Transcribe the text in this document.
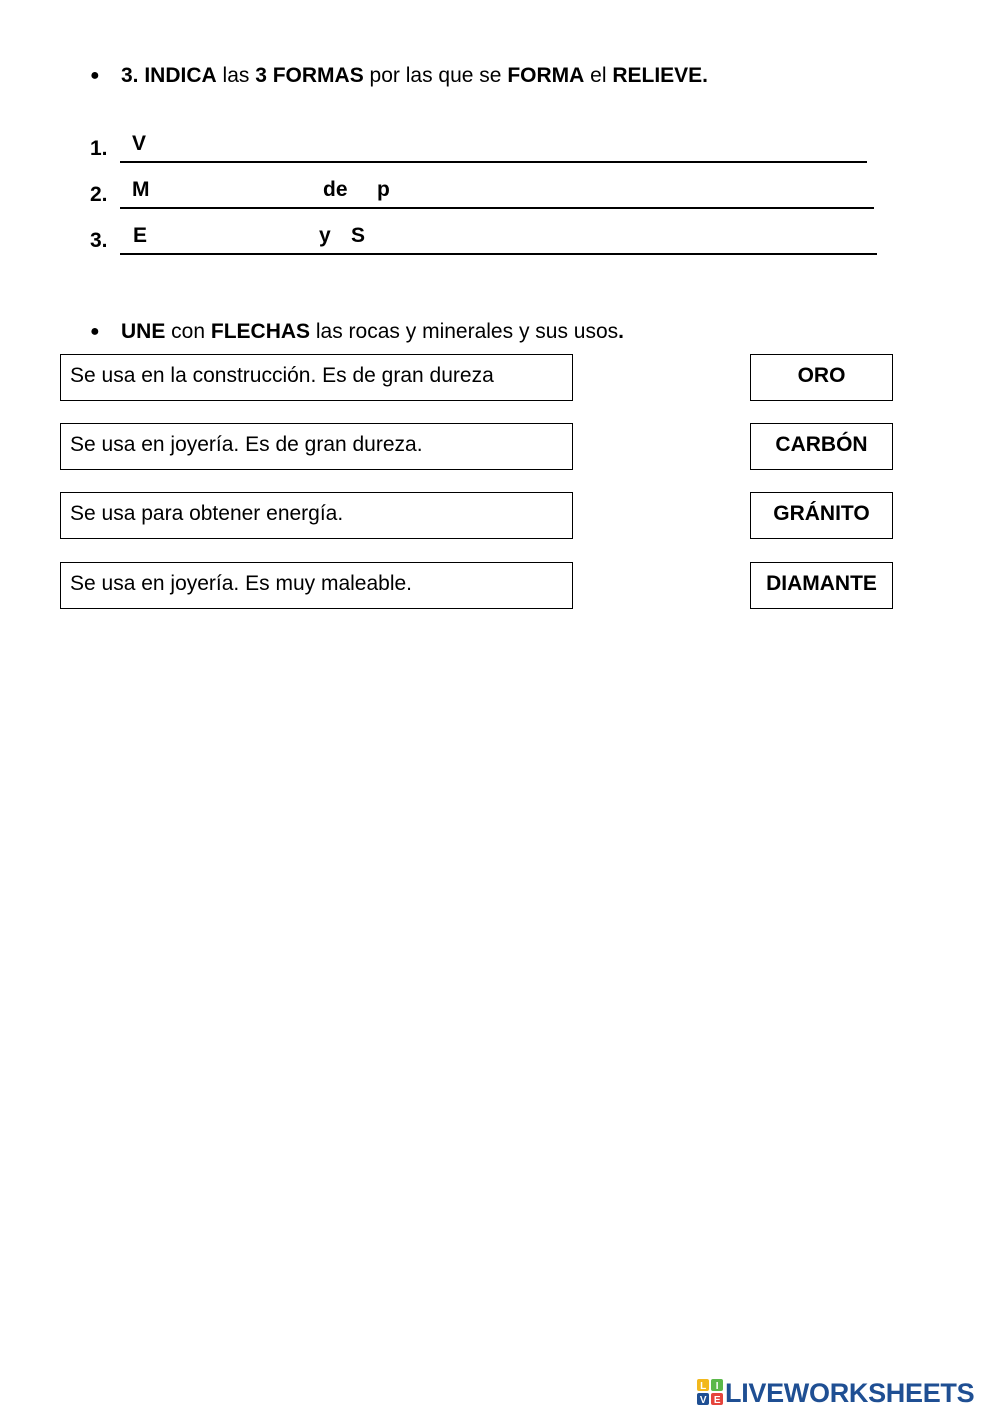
● 3. INDICA las 3 FORMAS por las que se FORMA el RELIEVE.
1.	V
2.	M	de p
3.	E	y S
● UNE con FLECHAS las rocas y minerales y sus usos.
Se usa en la construcción. Es de gran dureza
Se usa en joyería. Es de gran dureza.
Se usa para obtener energía.
Se usa en joyería. Es muy maleable.
ORO
CARBÓN
GRÁNITO
DIAMANTE
L I
V E LIVEWORKSHEETS
